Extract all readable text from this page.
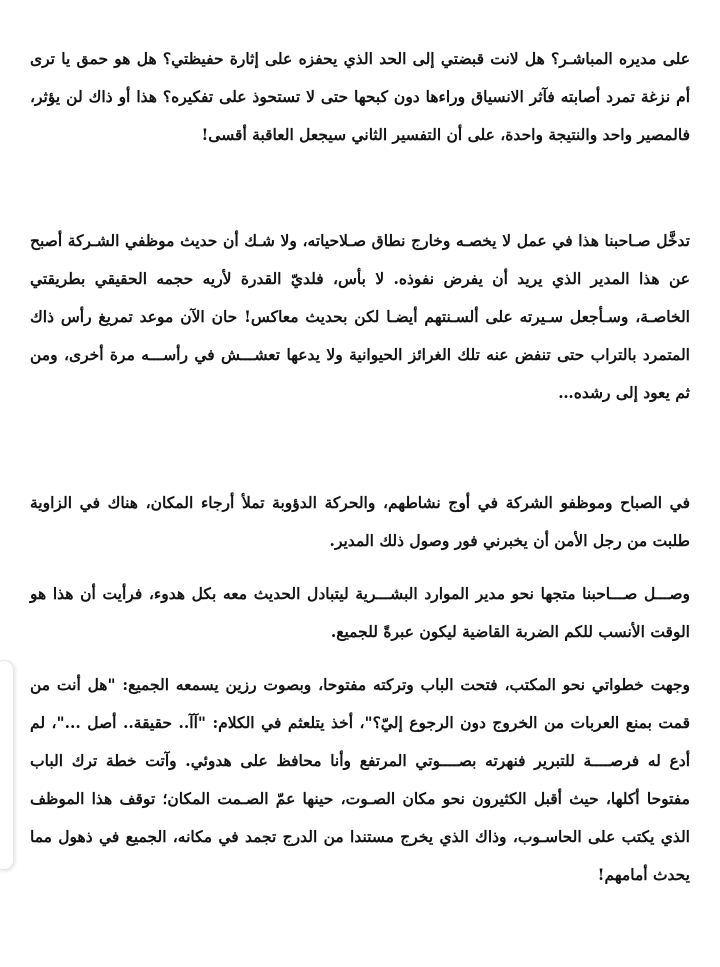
على مديره المباشـر؟ هل لانت قبضتي إلى الحد الذي يحفزه على إثارة حفيظتي؟ هل هو حمق يا ترى أم نزغة تمرد أصابته فآثر الانسياق وراءها دون كبحها حتى لا تستحوذ على تفكيره؟ هذا أو ذاك لن يؤثر، فالمصير واحد والنتيجة واحدة، على أن التفسير الثاني سيجعل العاقبة أقسى!

تدخَّل صـاحبنا هذا في عمل لا يخصـه وخارج نطاق صـلاحياته، ولا شـك أن حديث موظفي الشـركة أصبح عن هذا المدير الذي يريد أن يفرض نفوذه. لا بأس، فلديّ القدرة لأريه حجمه الحقيقي بطريقتي الخاصـة، وسـأجعل سـيرته على ألسـنتهم أيضـا لكن بحديث معاكس! حان الآن موعد تمريغ رأس ذاك المتمرد بالتراب حتى تنفض عنه تلك الغرائز الحيوانية ولا يدعها تعشـــش في رأســـه مرة أخرى، ومن ثم يعود إلى رشده…

في الصباح وموظفو الشركة في أوج نشاطهم، والحركة الدؤوبة تملأ أرجاء المكان، هناك في الزاوية طلبت من رجل الأمن أن يخبرني فور وصول ذلك المدير.

وصـــل صـــاحبنا متجها نحو مدير الموارد البشـــرية ليتبادل الحديث معه بكل هدوء، فرأيت أن هذا هو الوقت الأنسب للكم الضربة القاضية ليكون عبرةً للجميع.

وجهت خطواتي نحو المكتب، فتحت الباب وتركته مفتوحا، وبصوت رزين يسمعه الجميع: "هل أنت من قمت بمنع العربات من الخروج دون الرجوع إليّ؟"، أخذ يتلعثم في الكلام: "آآ.. حقيقة.. أصل ..."، لم أدع له فرصــــة للتبرير فنهرته بصــــوتي المرتفع وأنا محافظ على هدوئي. وآتت خطة ترك الباب مفتوحا أكلها، حيث أقبل الكثيرون نحو مكان الصـوت، حينها عمّ الصـمت المكان؛ توقف هذا الموظف الذي يكتب على الحاسـوب، وذاك الذي يخرج مستندا من الدرج تجمد في مكانه، الجميع في ذهول مما يحدث أمامهم!
